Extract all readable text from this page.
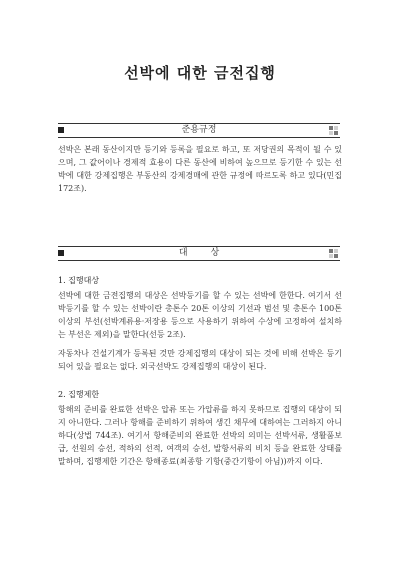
선박에 대한 금전집행
준용규정

선박은 본래 동산이지만 등기와 등록을 필요로 하고, 또 저당권의 목적이 될 수 있으며, 그 값어이나 경제적 효용이 다른 동산에 비하여 높으므로 등기한 수 있는 선박에 대한 강제집행은 부동산의 강제경매에 관한 규정에 따르도록 하고 있다(민집 172조).

대        상
1. 집행대상

선박에 대한 금전집행의 대상은 선박등기를 할 수 있는 선박에 한한다. 여기서 선박등기를 할 수 있는 선박이란 총톤수 20톤 이상의 기선과 범선 및 총톤수 100톤 이상의 부선(선박계류용·저장용 등으로 사용하기 위하여 수상에 고정하여 설치하는 부선은 제외)을 말한다(선등 2조).

자동차나 건설기계가 등록된 것만 강제집행의 대상이 되는 것에 비해 선박은 등기되어 있을 필요는 없다. 외국선박도 강제집행의 대상이 된다.

2. 집행제한

항해의 준비를 완료한 선박은 압류 또는 가압류를 하지 못하므로 집행의 대상이 되지 아니한다. 그러나 항해를 준비하기 위하여 생긴 채무에 대하여는 그러하지 아니하다(상법 744조). 여기서 항해준비의 완료한 선박의 의미는 선박서류, 생활품보급, 선원의 승선, 적하의 선적, 여객의 승선, 발항서류의 비치 등을 완료한 상태를 말하며, 집행제한 기간은 항해종료(최종항 기항(중간기항이 아님))까지 이다.
